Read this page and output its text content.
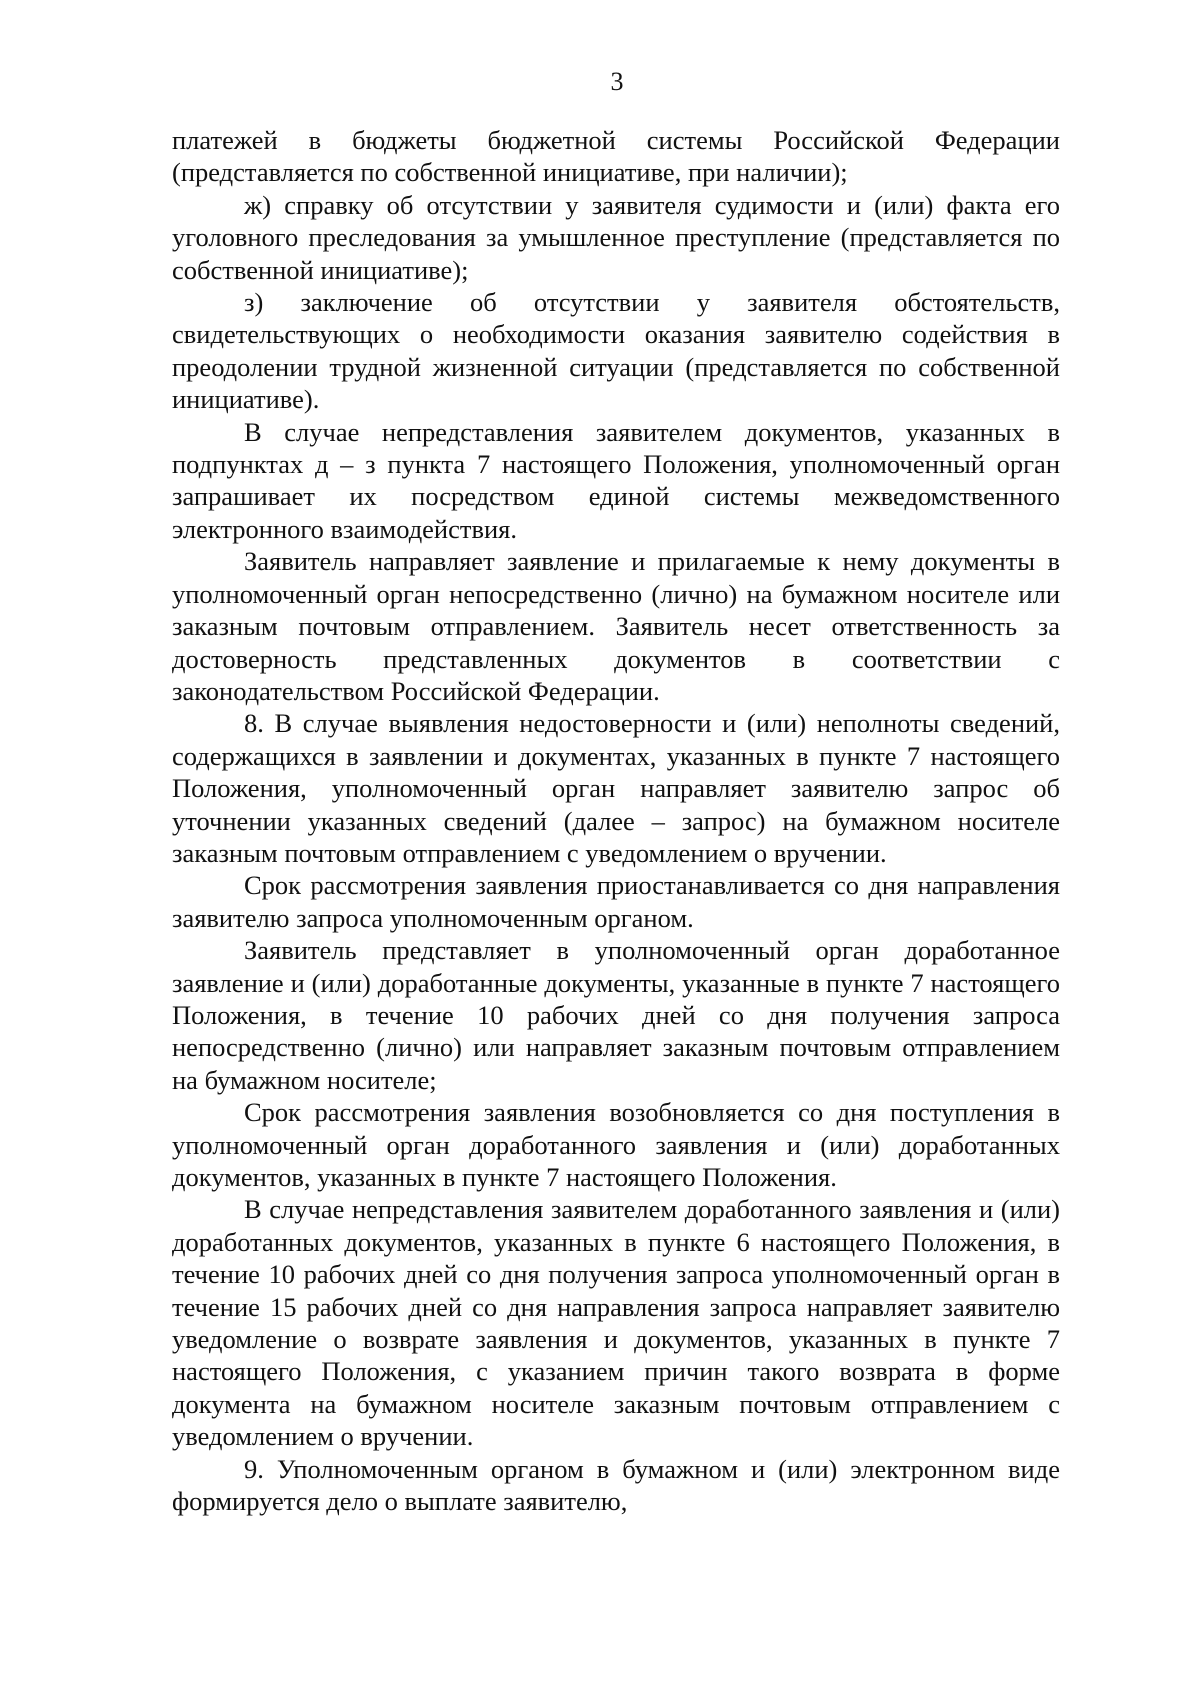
3

платежей в бюджеты бюджетной системы Российской Федерации (представляется по собственной инициативе, при наличии);

ж) справку об отсутствии у заявителя судимости и (или) факта его уголовного преследования за умышленное преступление (представляется по собственной инициативе);

з) заключение об отсутствии у заявителя обстоятельств, свидетельствующих о необходимости оказания заявителю содействия в преодолении трудной жизненной ситуации (представляется по собственной инициативе).

В случае непредставления заявителем документов, указанных в подпунктах д – з пункта 7 настоящего Положения, уполномоченный орган запрашивает их посредством единой системы межведомственного электронного взаимодействия.

Заявитель направляет заявление и прилагаемые к нему документы в уполномоченный орган непосредственно (лично) на бумажном носителе или заказным почтовым отправлением. Заявитель несет ответственность за достоверность представленных документов в соответствии с законодательством Российской Федерации.

8. В случае выявления недостоверности и (или) неполноты сведений, содержащихся в заявлении и документах, указанных в пункте 7 настоящего Положения, уполномоченный орган направляет заявителю запрос об уточнении указанных сведений (далее – запрос) на бумажном носителе заказным почтовым отправлением с уведомлением о вручении.

Срок рассмотрения заявления приостанавливается со дня направления заявителю запроса уполномоченным органом.

Заявитель представляет в уполномоченный орган доработанное заявление и (или) доработанные документы, указанные в пункте 7 настоящего Положения, в течение 10 рабочих дней со дня получения запроса непосредственно (лично) или направляет заказным почтовым отправлением на бумажном носителе;

Срок рассмотрения заявления возобновляется со дня поступления в уполномоченный орган доработанного заявления и (или) доработанных документов, указанных в пункте 7 настоящего Положения.

В случае непредставления заявителем доработанного заявления и (или) доработанных документов, указанных в пункте 6 настоящего Положения, в течение 10 рабочих дней со дня получения запроса уполномоченный орган в течение 15 рабочих дней со дня направления запроса направляет заявителю уведомление о возврате заявления и документов, указанных в пункте 7 настоящего Положения, с указанием причин такого возврата в форме документа на бумажном носителе заказным почтовым отправлением с уведомлением о вручении.

9. Уполномоченным органом в бумажном и (или) электронном виде формируется дело о выплате заявителю,
